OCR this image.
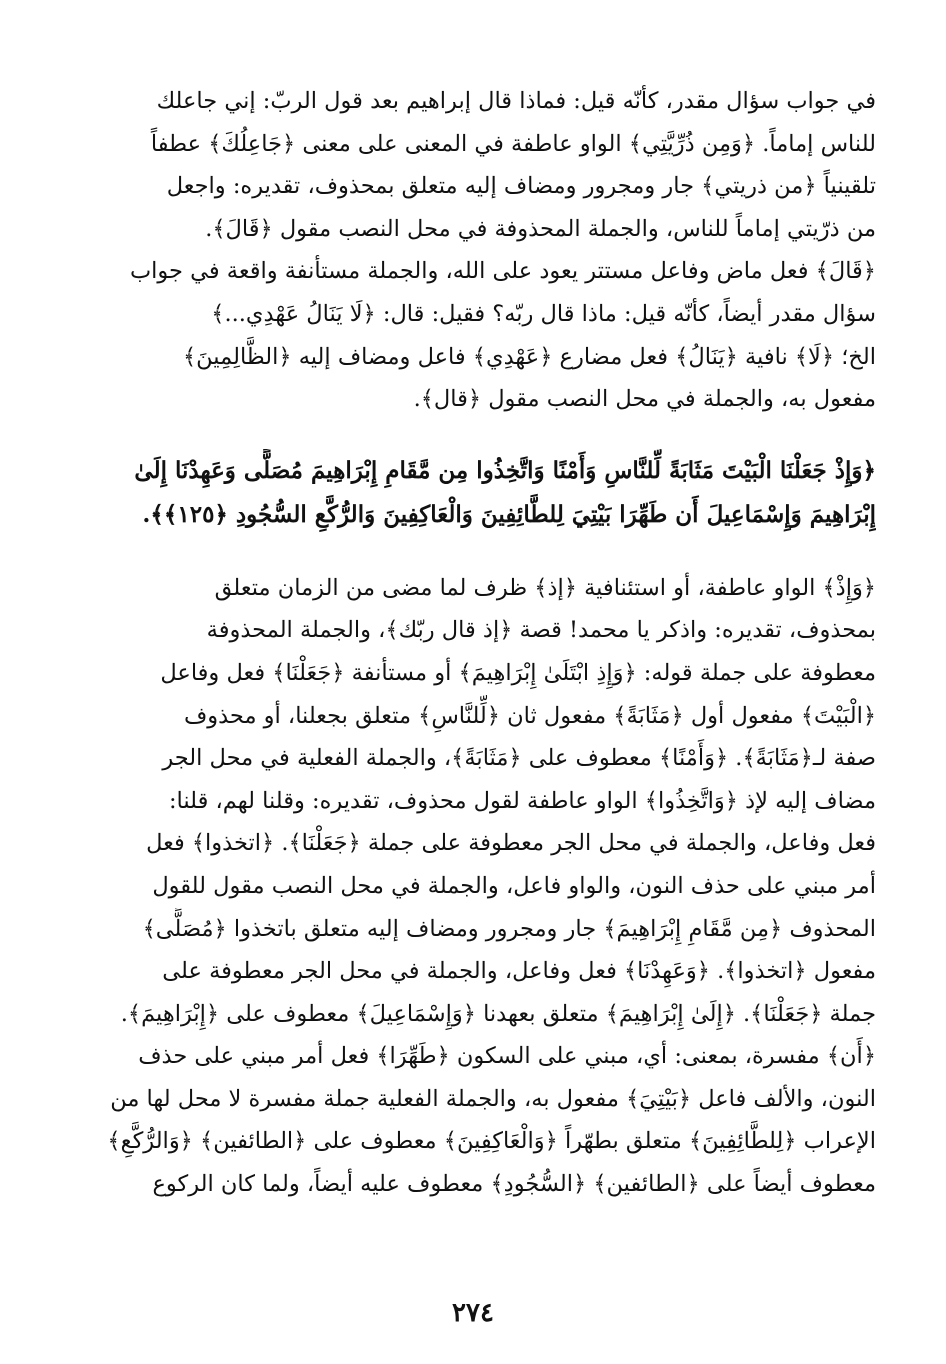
في جواب سؤال مقدر، كأنّه قيل: فماذا قال إبراهيم بعد قول الربّ: إني جاعلك
للناس إماماً. ﴿وَمِن ذُرِّيَّتِي﴾ الواو عاطفة في المعنى على معنى ﴿جَاعِلُكَ﴾ عطفاً
تلقينياً ﴿من ذريتي﴾ جار ومجرور ومضاف إليه متعلق بمحذوف، تقديره: واجعل
من ذرّيتي إماماً للناس، والجملة المحذوفة في محل النصب مقول ﴿قَالَ﴾.
﴿قَالَ﴾ فعل ماض وفاعل مستتر يعود على الله، والجملة مستأنفة واقعة في جواب
سؤال مقدر أيضاً، كأنّه قيل: ماذا قال ربّه؟ فقيل: قال: ﴿لَا يَنَالُ عَهْدِي...﴾
الخ؛ ﴿لَا﴾ نافية ﴿يَنَالُ﴾ فعل مضارع ﴿عَهْدِي﴾ فاعل ومضاف إليه ﴿الظَّالِمِينَ﴾
مفعول به، والجملة في محل النصب مقول ﴿قال﴾.
﴿وَإِذْ جَعَلْنَا الْبَيْتَ مَثَابَةً لِّلنَّاسِ وَأَمْنًا وَاتَّخِذُوا مِن مَّقَامِ إِبْرَاهِيمَ مُصَلًّى وَعَهِدْنَا إِلَىٰ
إِبْرَاهِيمَ وَإِسْمَاعِيلَ أَن طَهِّرَا بَيْتِيَ لِلطَّائِفِينَ وَالْعَاكِفِينَ وَالرُّكَّعِ السُّجُودِ ﴿١٢٥﴾﴾.
﴿وَإِذْ﴾ الواو عاطفة، أو استئنافية ﴿إذ﴾ ظرف لما مضى من الزمان متعلق
بمحذوف، تقديره: واذكر يا محمد! قصة ﴿إذ قال ربّك﴾، والجملة المحذوفة
معطوفة على جملة قوله: ﴿وَإِذِ ابْتَلَىٰ إِبْرَاهِيمَ﴾ أو مستأنفة ﴿جَعَلْنَا﴾ فعل وفاعل
﴿الْبَيْتَ﴾ مفعول أول ﴿مَثَابَةً﴾ مفعول ثان ﴿لِّلنَّاسِ﴾ متعلق بجعلنا، أو محذوف
صفة لـ﴿مَثَابَةً﴾. ﴿وَأَمْنًا﴾ معطوف على ﴿مَثَابَةً﴾، والجملة الفعلية في محل الجر
مضاف إليه لإذ ﴿وَاتَّخِذُوا﴾ الواو عاطفة لقول محذوف، تقديره: وقلنا لهم، قلنا:
فعل وفاعل، والجملة في محل الجر معطوفة على جملة ﴿جَعَلْنَا﴾. ﴿اتخذوا﴾ فعل
أمر مبني على حذف النون، والواو فاعل، والجملة في محل النصب مقول للقول
المحذوف ﴿مِن مَّقَامِ إِبْرَاهِيمَ﴾ جار ومجرور ومضاف إليه متعلق باتخذوا ﴿مُصَلًّى﴾
مفعول ﴿اتخذوا﴾. ﴿وَعَهِدْنَا﴾ فعل وفاعل، والجملة في محل الجر معطوفة على
جملة ﴿جَعَلْنَا﴾. ﴿إِلَىٰ إِبْرَاهِيمَ﴾ متعلق بعهدنا ﴿وَإِسْمَاعِيلَ﴾ معطوف على ﴿إِبْرَاهِيمَ﴾.
﴿أَن﴾ مفسرة، بمعنى: أي، مبني على السكون ﴿طَهِّرَا﴾ فعل أمر مبني على حذف
النون، والألف فاعل ﴿بَيْتِيَ﴾ مفعول به، والجملة الفعلية جملة مفسرة لا محل لها من
الإعراب ﴿لِلطَّائِفِينَ﴾ متعلق بطهّراً ﴿وَالْعَاكِفِينَ﴾ معطوف على ﴿الطائفين﴾ ﴿وَالرُّكَّعِ﴾
معطوف أيضاً على ﴿الطائفين﴾ ﴿السُّجُودِ﴾ معطوف عليه أيضاً، ولما كان الركوع
٢٧٤
